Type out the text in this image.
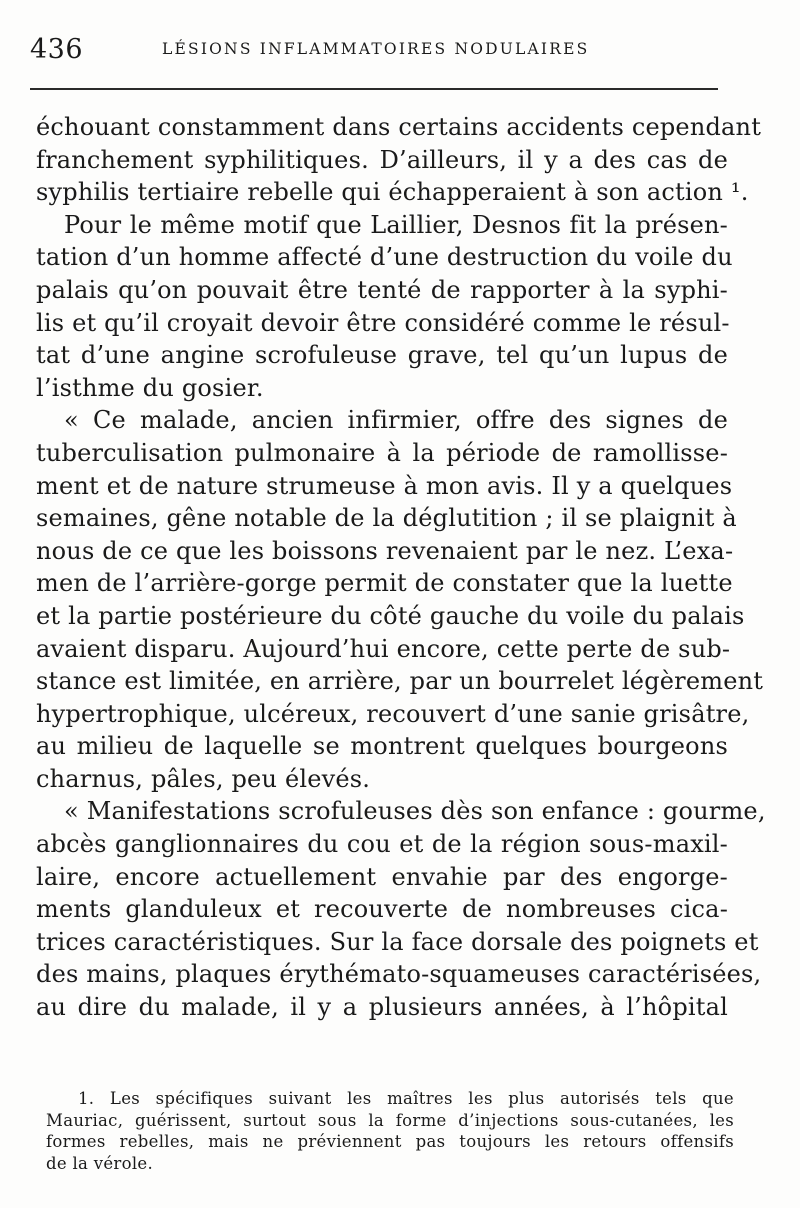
436	LÉSIONS INFLAMMATOIRES NODULAIRES
échouant constamment dans certains accidents cependant
franchement syphilitiques. D’ailleurs, il y a des cas de
syphilis tertiaire rebelle qui échapperaient à son action ¹.
Pour le même motif que Laillier, Desnos fit la présen-
tation d’un homme affecté d’une destruction du voile du
palais qu’on pouvait être tenté de rapporter à la syphi-
lis et qu’il croyait devoir être considéré comme le résul-
tat d’une angine scrofuleuse grave, tel qu’un lupus de
l’isthme du gosier.
« Ce malade, ancien infirmier, offre des signes de
tuberculisation pulmonaire à la période de ramollisse-
ment et de nature strumeuse à mon avis. Il y a quelques
semaines, gêne notable de la déglutition ; il se plaignit à
nous de ce que les boissons revenaient par le nez. L’exa-
men de l’arrière-gorge permit de constater que la luette
et la partie postérieure du côté gauche du voile du palais
avaient disparu. Aujourd’hui encore, cette perte de sub-
stance est limitée, en arrière, par un bourrelet légèrement
hypertrophique, ulcéreux, recouvert d’une sanie grisâtre,
au milieu de laquelle se montrent quelques bourgeons
charnus, pâles, peu élevés.
« Manifestations scrofuleuses dès son enfance : gourme,
abcès ganglionnaires du cou et de la région sous-maxil-
laire, encore actuellement envahie par des engorge-
ments glanduleux et recouverte de nombreuses cica-
trices caractéristiques. Sur la face dorsale des poignets et
des mains, plaques érythémato-squameuses caractérisées,
au dire du malade, il y a plusieurs années, à l’hôpital
1. Les spécifiques suivant les maîtres les plus autorisés tels que
Mauriac, guérissent, surtout sous la forme d’injections sous-cutanées, les
formes rebelles, mais ne préviennent pas toujours les retours offensifs
de la vérole.
